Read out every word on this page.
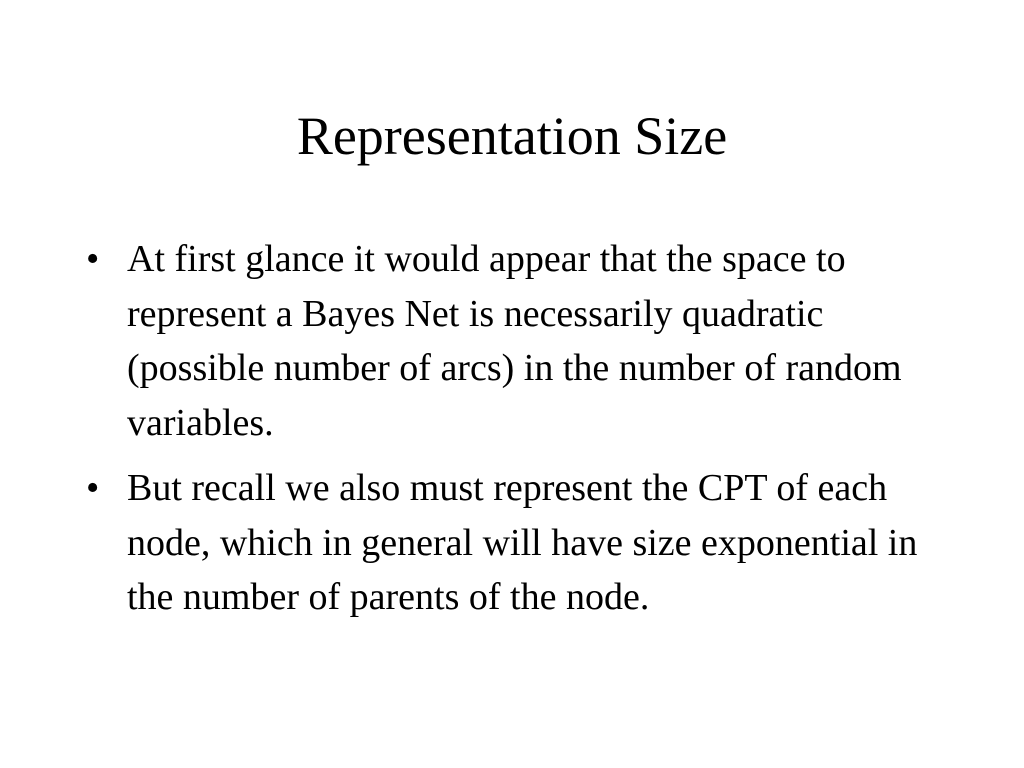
Representation Size
• At first glance it would appear that the space to represent a Bayes Net is necessarily quadratic (possible number of arcs) in the number of random variables.
• But recall we also must represent the CPT of each node, which in general will have size exponential in the number of parents of the node.
